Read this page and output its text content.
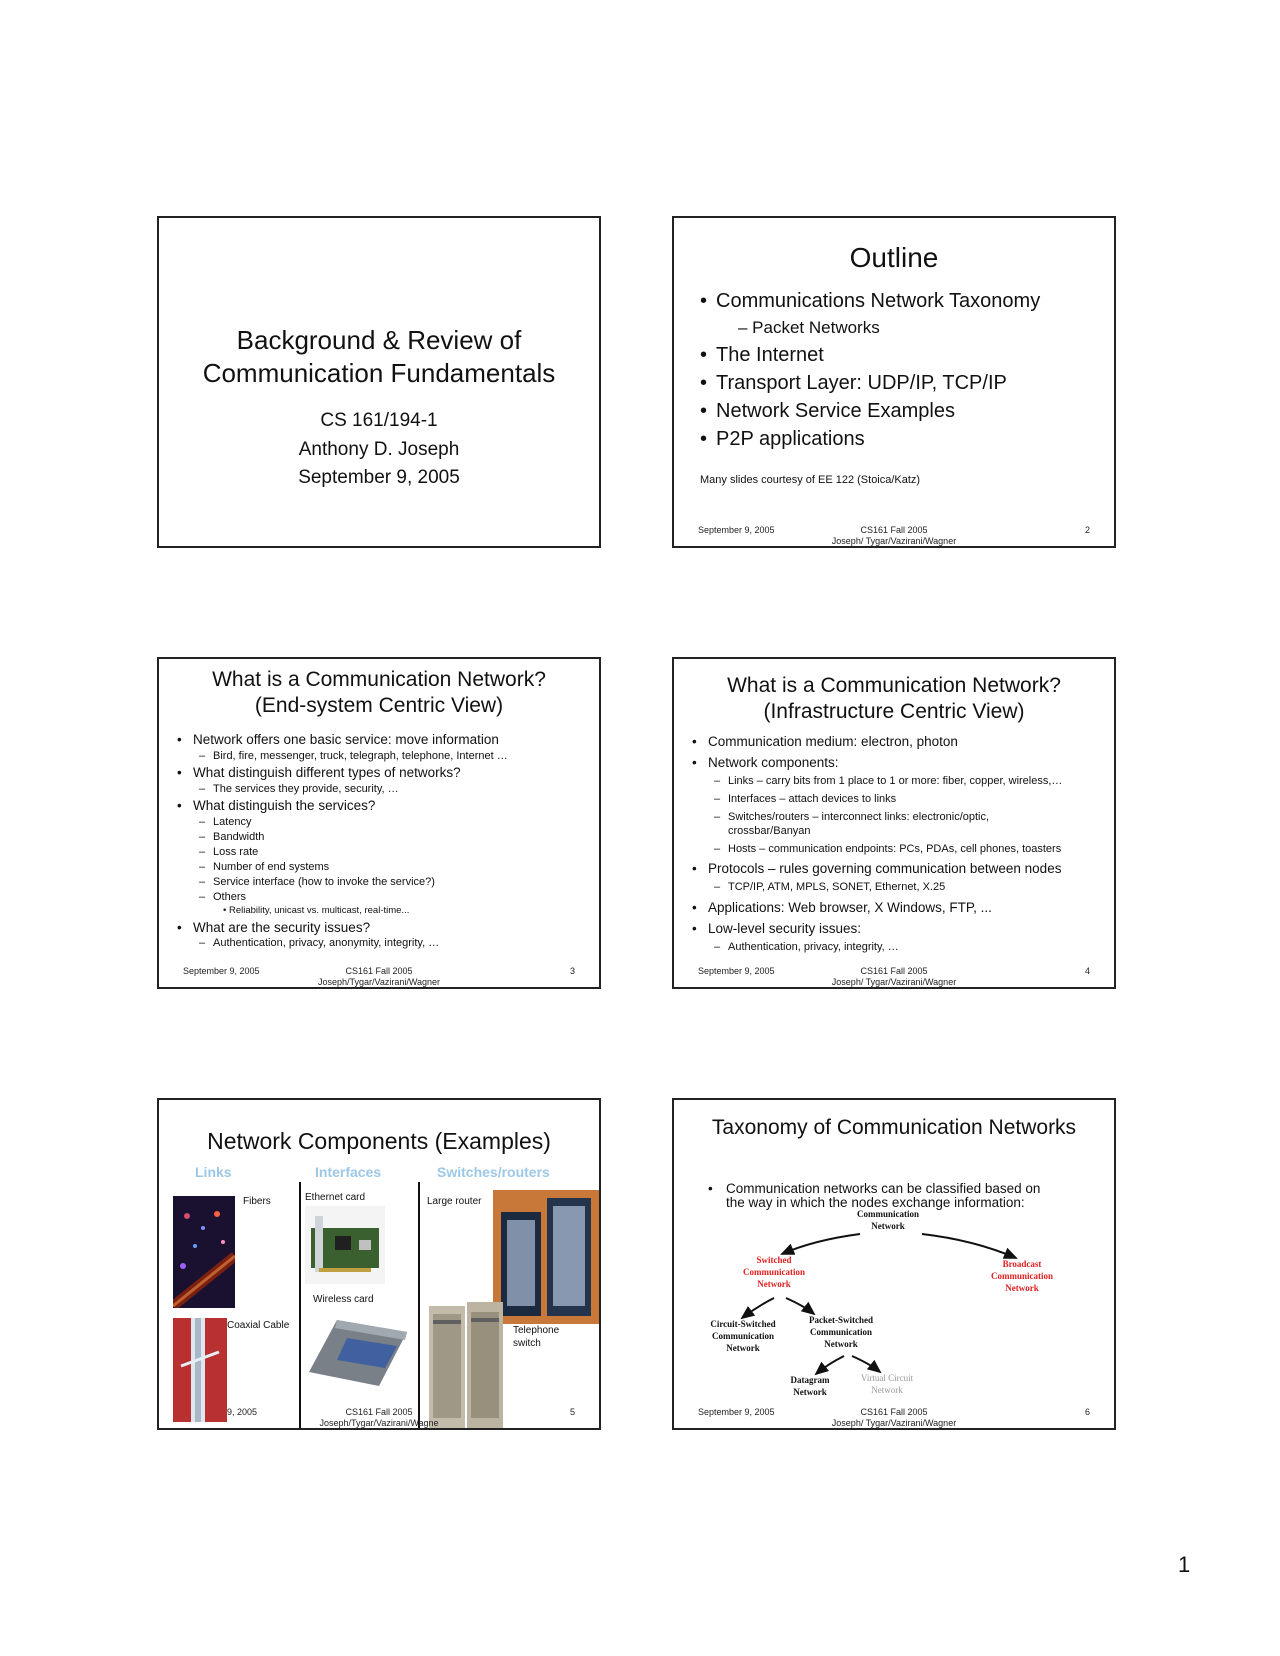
Background & Review of
Communication Fundamentals
CS 161/194-1
Anthony D. Joseph
September 9, 2005
Outline
• Communications Network Taxonomy
– Packet Networks
• The Internet
• Transport Layer: UDP/IP, TCP/IP
• Network Service Examples
• P2P applications
Many slides courtesy of EE 122 (Stoica/Katz)
September 9, 2005	CS161 Fall 2005
Joseph/ Tygar/Vazirani/Wagner
2
What is a Communication Network?
(End-system Centric View)
• Network offers one basic service: move information
– Bird, fire, messenger, truck, telegraph, telephone, Internet …
• What distinguish different types of networks?
– The services they provide, security, …
• What distinguish the services?
– Latency
– Bandwidth
– Loss rate
– Number of end systems
– Service interface (how to invoke the service?)
– Others
• Reliability, unicast vs. multicast, real-time...
• What are the security issues?
– Authentication, privacy, anonymity, integrity, …
September 9, 2005	CS161 Fall 2005
Joseph/Tygar/Vazirani/Wagner
3
What is a Communication Network?
(Infrastructure Centric View)
• Communication medium: electron, photon
• Network components:
– Links – carry bits from 1 place to 1 or more: fiber, copper, wireless,…
– Interfaces – attach devices to links
– Switches/routers – interconnect links: electronic/optic,
crossbar/Banyan
– Hosts – communication endpoints: PCs, PDAs, cell phones, toasters
• Protocols – rules governing communication between nodes
– TCP/IP, ATM, MPLS, SONET, Ethernet, X.25
• Applications: Web browser, X Windows, FTP, ...
• Low-level security issues:
– Authentication, privacy, integrity, …
September 9, 2005	CS161 Fall 2005
Joseph/ Tygar/Vazirani/Wagner
4
Network Components (Examples)
Links	Interfaces	Switches/routers
Fibers
Coaxial Cable
Ethernet card
Wireless card
Large router
Telephone
switch
9, 2005	CS161 Fall 2005
Joseph/Tygar/Vazirani/Wagne
5
Taxonomy of Communication Networks
• Communication networks can be classified based on
the way in which the nodes exchange information:
Communication
Network
Switched
Communication
Network
Broadcast
Communication
Network
Circuit-Switched
Communication
Network
Packet-Switched
Communication
Network
Datagram
Network
Virtual Circuit
Network
September 9, 2005	CS161 Fall 2005
Joseph/ Tygar/Vazirani/Wagner
6
1
